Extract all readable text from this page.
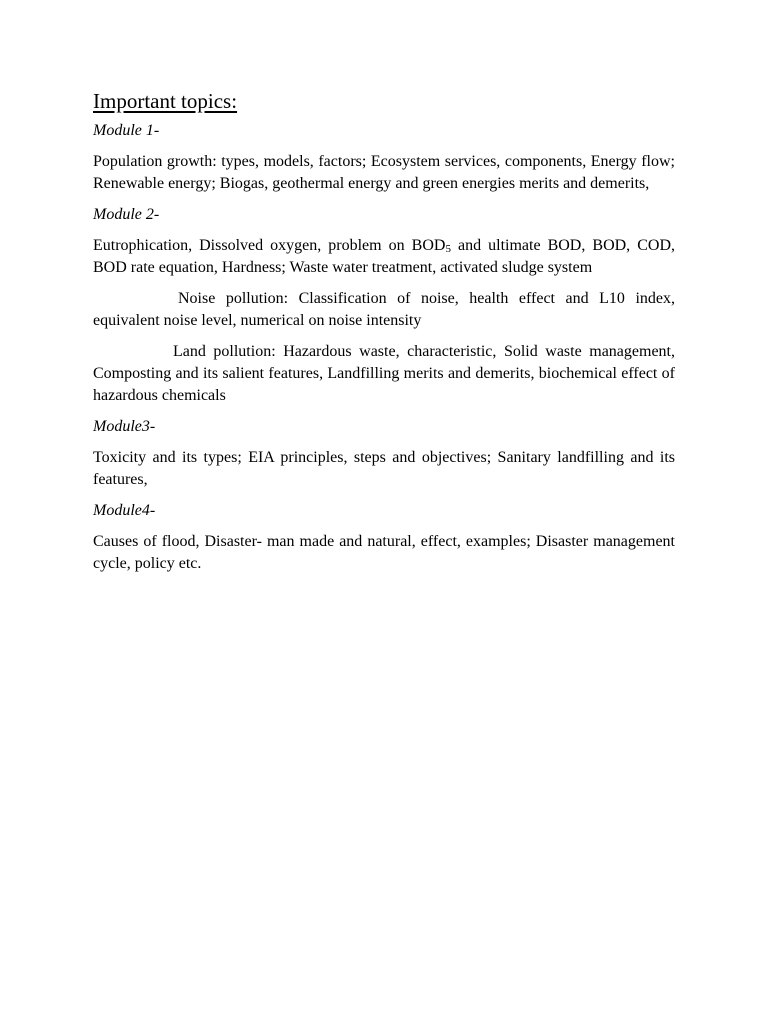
Important topics:
Module 1-

Population growth: types, models, factors; Ecosystem services, components, Energy flow; Renewable energy; Biogas, geothermal energy and green energies merits and demerits,

Module 2-

Eutrophication, Dissolved oxygen, problem on $BOD_5$ and ultimate BOD, BOD, COD, BOD rate equation, Hardness; Waste water treatment, activated sludge system

Noise pollution: Classification of noise, health effect and L10 index, equivalent noise level, numerical on noise intensity

Land pollution: Hazardous waste, characteristic, Solid waste management, Composting and its salient features, Landfilling merits and demerits, biochemical effect of hazardous chemicals

Module3-

Toxicity and its types; EIA principles, steps and objectives; Sanitary landfilling and its features,

Module4-

Causes of flood, Disaster- man made and natural, effect, examples; Disaster management cycle, policy etc.
